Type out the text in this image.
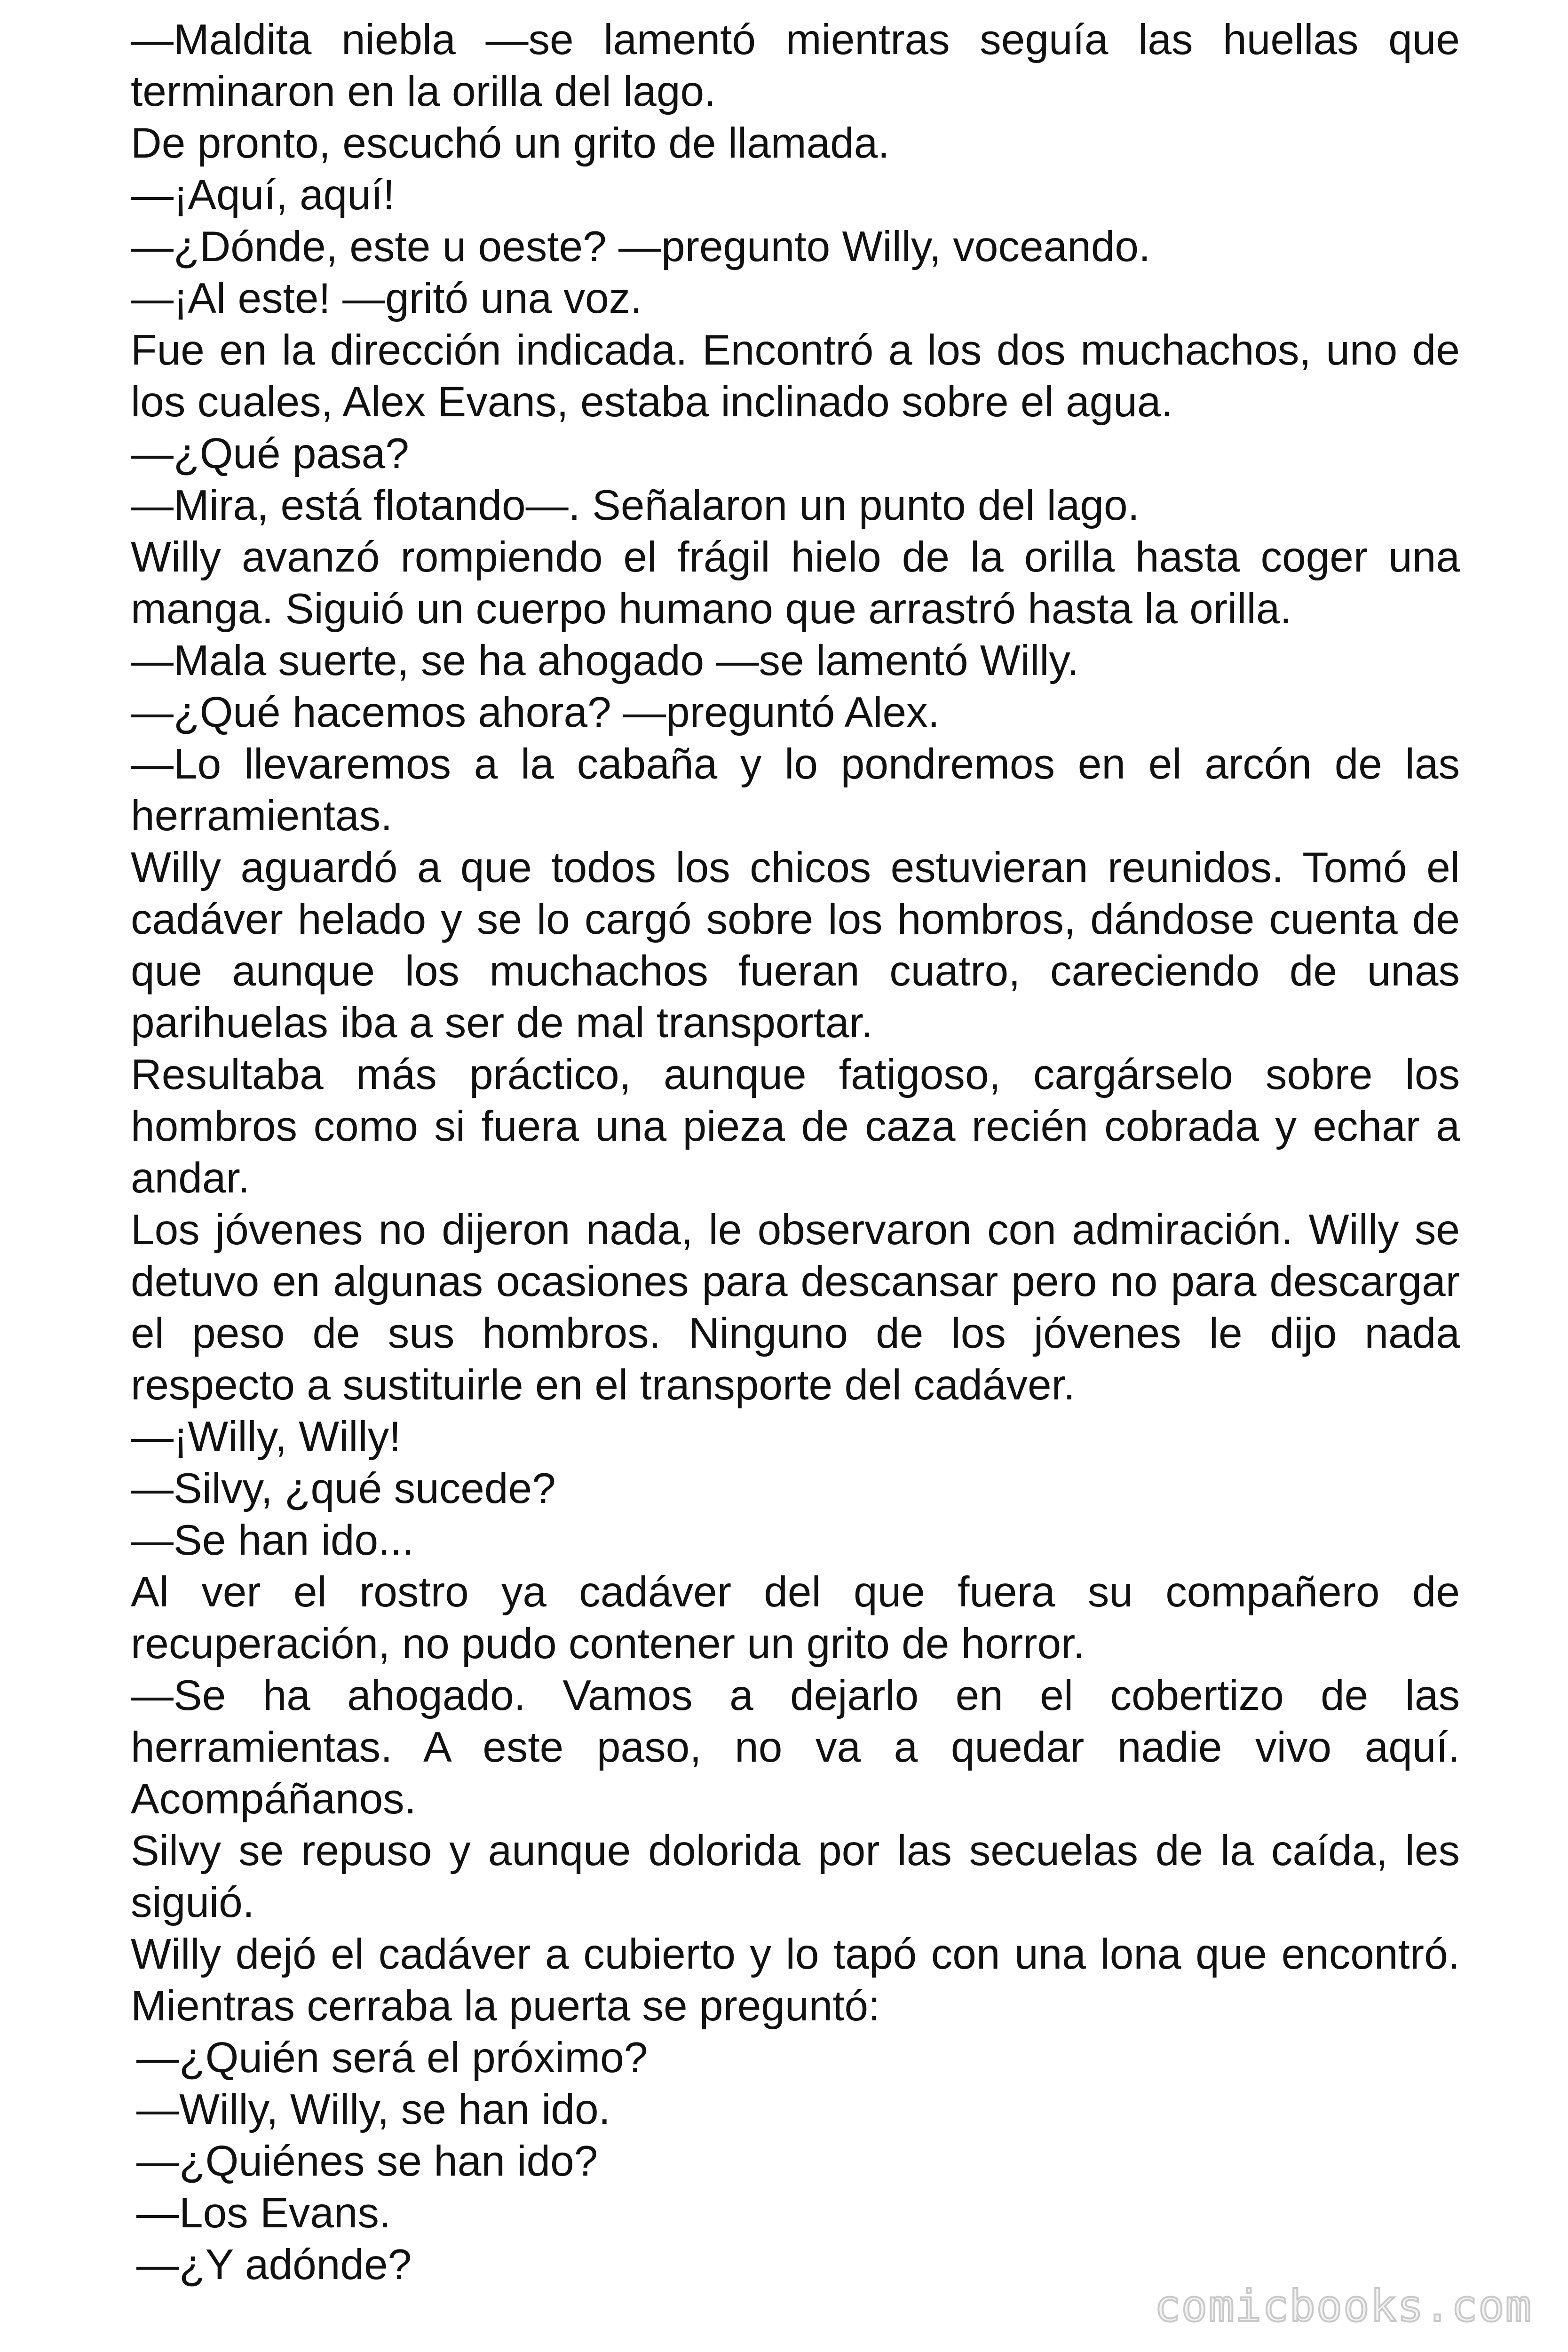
—Maldita niebla —se lamentó mientras seguía las huellas que terminaron en la orilla del lago.

De pronto, escuchó un grito de llamada.

—¡Aquí, aquí!

—¿Dónde, este u oeste? —pregunto Willy, voceando.

—¡Al este! —gritó una voz.

Fue en la dirección indicada. Encontró a los dos muchachos, uno de los cuales, Alex Evans, estaba inclinado sobre el agua.

—¿Qué pasa?

—Mira, está flotando—. Señalaron un punto del lago.

Willy avanzó rompiendo el frágil hielo de la orilla hasta coger una manga. Siguió un cuerpo humano que arrastró hasta la orilla.

—Mala suerte, se ha ahogado —se lamentó Willy.

—¿Qué hacemos ahora? —preguntó Alex.

—Lo llevaremos a la cabaña y lo pondremos en el arcón de las herramientas.

Willy aguardó a que todos los chicos estuvieran reunidos. Tomó el cadáver helado y se lo cargó sobre los hombros, dándose cuenta de que aunque los muchachos fueran cuatro, careciendo de unas parihuelas iba a ser de mal transportar.

Resultaba más práctico, aunque fatigoso, cargárselo sobre los hombros como si fuera una pieza de caza recién cobrada y echar a andar.

Los jóvenes no dijeron nada, le observaron con admiración. Willy se detuvo en algunas ocasiones para descansar pero no para descargar el peso de sus hombros. Ninguno de los jóvenes le dijo nada respecto a sustituirle en el transporte del cadáver.

—¡Willy, Willy!

—Silvy, ¿qué sucede?

—Se han ido...

Al ver el rostro ya cadáver del que fuera su compañero de recuperación, no pudo contener un grito de horror.

—Se ha ahogado. Vamos a dejarlo en el cobertizo de las herramientas. A este paso, no va a quedar nadie vivo aquí. Acompáñanos.

Silvy se repuso y aunque dolorida por las secuelas de la caída, les siguió.

Willy dejó el cadáver a cubierto y lo tapó con una lona que encontró. Mientras cerraba la puerta se preguntó:

—¿Quién será el próximo?

—Willy, Willy, se han ido.

—¿Quiénes se han ido?

—Los Evans.

—¿Y adónde?

comicbooks.com
